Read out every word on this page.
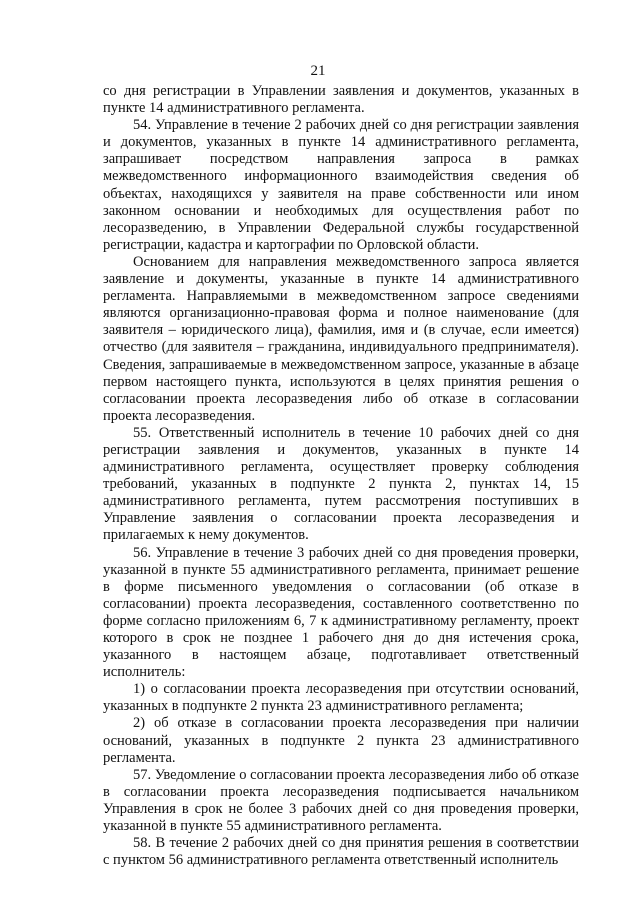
21

со дня регистрации в Управлении заявления и документов, указанных в пункте 14 административного регламента.

54. Управление в течение 2 рабочих дней со дня регистрации заявления и документов, указанных в пункте 14 административного регламента, запрашивает посредством направления запроса в рамках межведомственного информационного взаимодействия сведения об объектах, находящихся у заявителя на праве собственности или ином законном основании и необходимых для осуществления работ по лесоразведению, в Управлении Федеральной службы государственной регистрации, кадастра и картографии по Орловской области.

Основанием для направления межведомственного запроса является заявление и документы, указанные в пункте 14 административного регламента. Направляемыми в межведомственном запросе сведениями являются организационно-правовая форма и полное наименование (для заявителя – юридического лица), фамилия, имя и (в случае, если имеется) отчество (для заявителя – гражданина, индивидуального предпринимателя). Сведения, запрашиваемые в межведомственном запросе, указанные в абзаце первом настоящего пункта, используются в целях принятия решения о согласовании проекта лесоразведения либо об отказе в согласовании проекта лесоразведения.

55. Ответственный исполнитель в течение 10 рабочих дней со дня регистрации заявления и документов, указанных в пункте 14 административного регламента, осуществляет проверку соблюдения требований, указанных в подпункте 2 пункта 2, пунктах 14, 15 административного регламента, путем рассмотрения поступивших в Управление заявления о согласовании проекта лесоразведения и прилагаемых к нему документов.

56. Управление в течение 3 рабочих дней со дня проведения проверки, указанной в пункте 55 административного регламента, принимает решение в форме письменного уведомления о согласовании (об отказе в согласовании) проекта лесоразведения, составленного соответственно по форме согласно приложениям 6, 7 к административному регламенту, проект которого в срок не позднее 1 рабочего дня до дня истечения срока, указанного в настоящем абзаце, подготавливает ответственный исполнитель:

1) о согласовании проекта лесоразведения при отсутствии оснований, указанных в подпункте 2 пункта 23 административного регламента;

2) об отказе в согласовании проекта лесоразведения при наличии оснований, указанных в подпункте 2 пункта 23 административного регламента.

57. Уведомление о согласовании проекта лесоразведения либо об отказе в согласовании проекта лесоразведения подписывается начальником Управления в срок не более 3 рабочих дней со дня проведения проверки, указанной в пункте 55 административного регламента.

58. В течение 2 рабочих дней со дня принятия решения в соответствии с пунктом 56 административного регламента ответственный исполнитель
